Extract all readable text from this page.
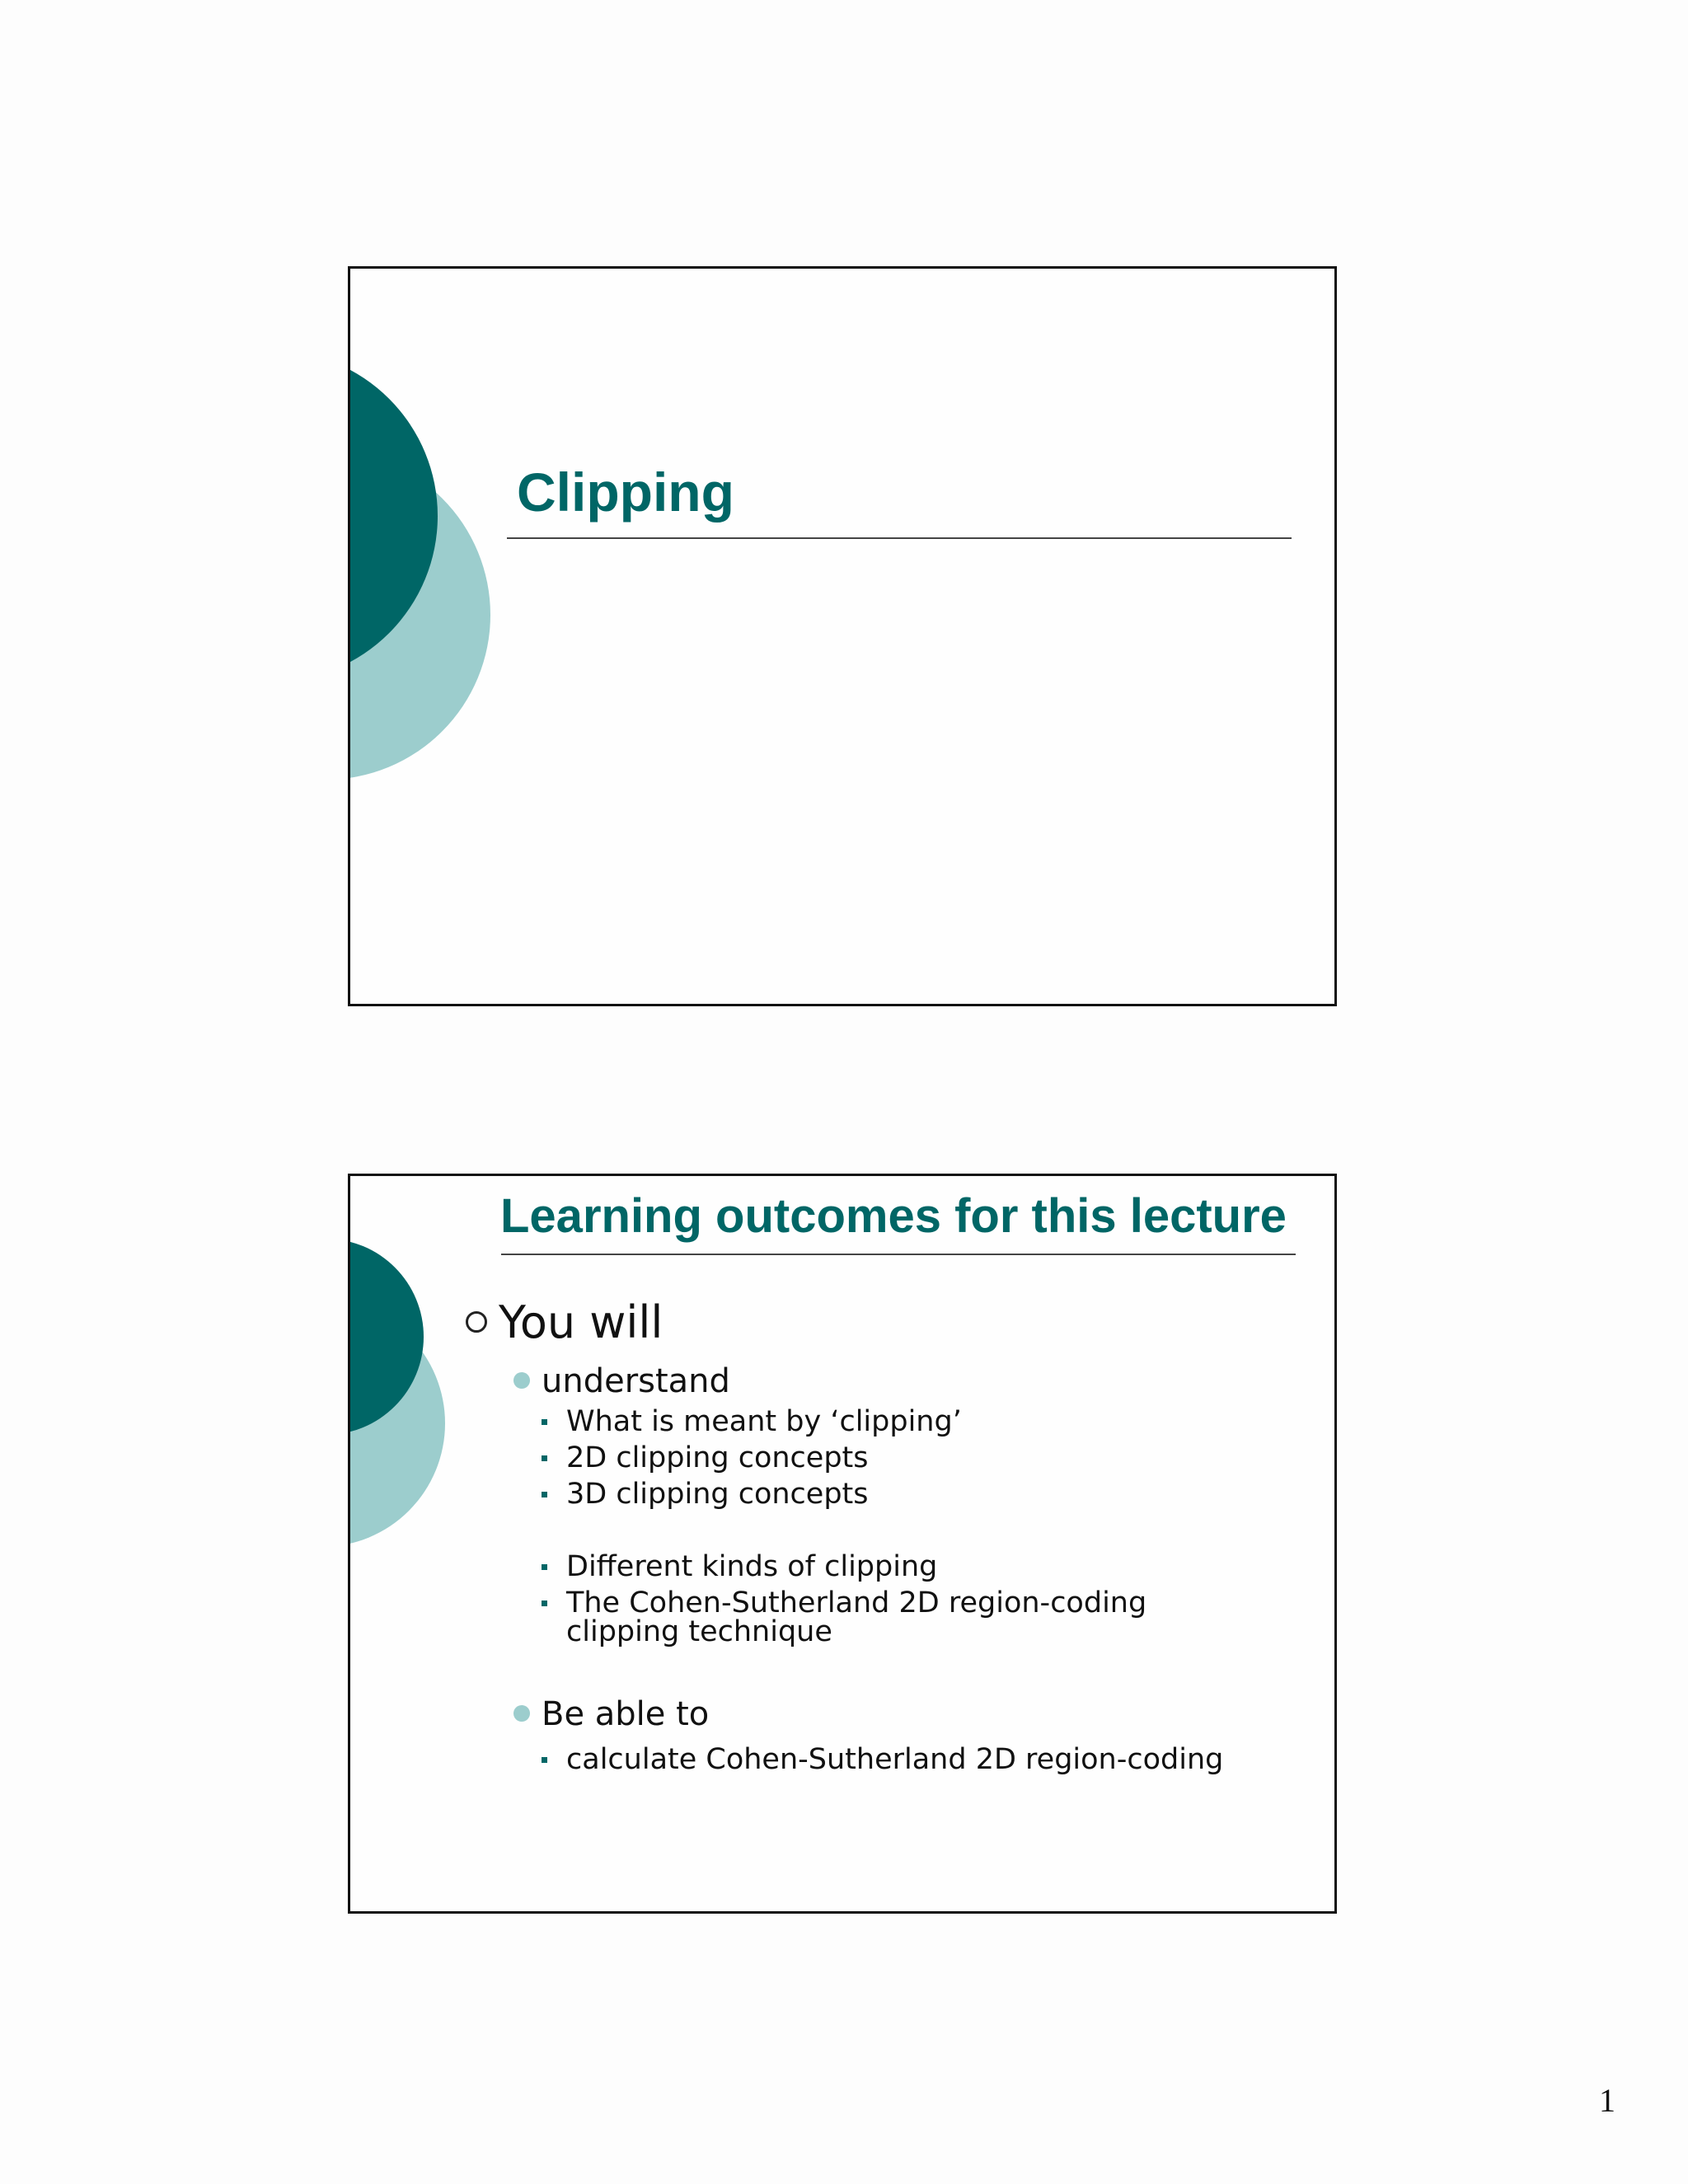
Clipping
Learning outcomes for this lecture
You will
understand
What is meant by ‘clipping’
2D clipping concepts
3D clipping concepts
Different kinds of clipping
The Cohen-Sutherland 2D region-coding
clipping technique
Be able to
calculate Cohen-Sutherland 2D region-coding
1
